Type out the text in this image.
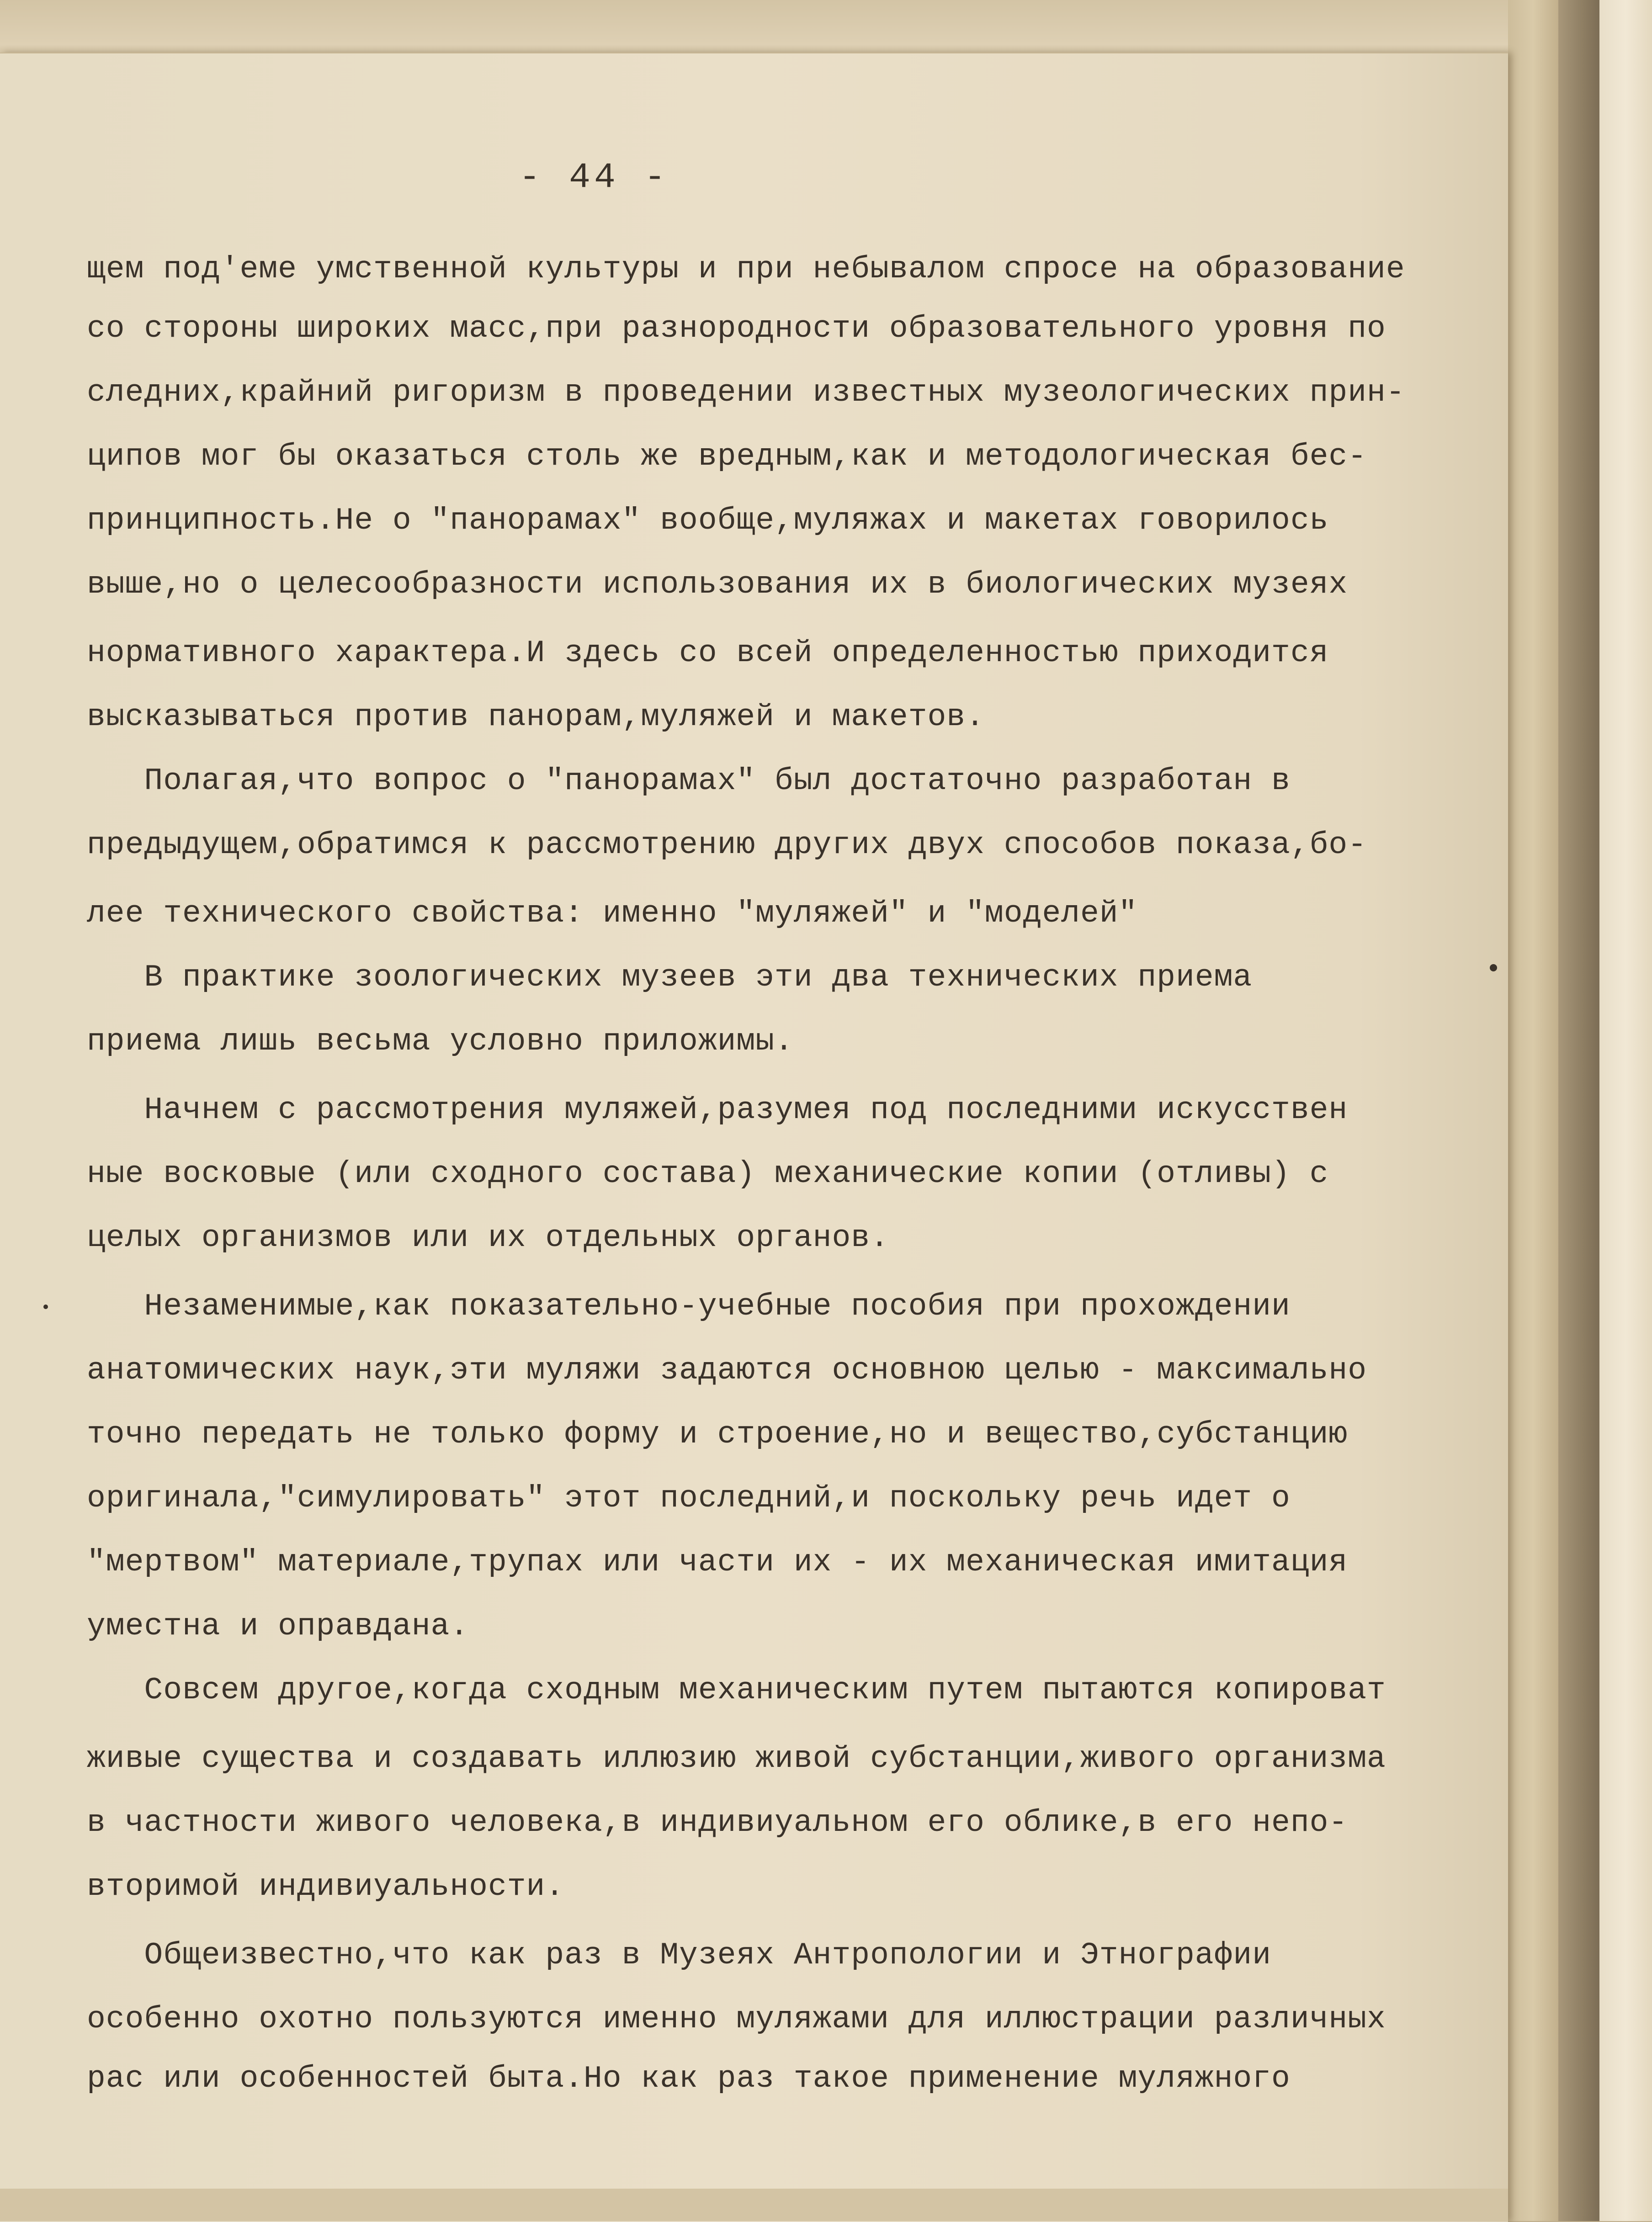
- 44 -
щем под'еме умственной культуры и при небывалом спросе на образование
со стороны широких масс,при разнородности образовательного уровня по
следних,крайний ригоризм в проведении известных музеологических прин-
ципов мог бы оказаться столь же вредным,как и методологическая бес-
принципность.Не о "панорамах" вообще,муляжах и макетах говорилось
выше,но о целесообразности использования их в биологических музеях
нормативного характера.И здесь со всей определенностью приходится
высказываться против панорам,муляжей и макетов.
Полагая,что вопрос о "панорамах" был достаточно разработан в
предыдущем,обратимся к рассмотрению других двух способов показа,бо-
лее технического свойства: именно "муляжей" и "моделей"
В практике зоологических музеев эти два технических приема
приема лишь весьма условно приложимы.
Начнем с рассмотрения муляжей,разумея под последними искусствен
ные восковые (или сходного состава) механические копии (отливы) с
целых организмов или их отдельных органов.
Незаменимые,как показательно-учебные пособия при прохождении
анатомических наук,эти муляжи задаются основною целью - максимально
точно передать не только форму и строение,но и вещество,субстанцию
оригинала,"симулировать" этот последний,и поскольку речь идет о
"мертвом" материале,трупах или части их - их механическая имитация
уместна и оправдана.
Совсем другое,когда сходным механическим путем пытаются копироват
живые существа и создавать иллюзию живой субстанции,живого организма
в частности живого человека,в индивиуальном его облике,в его непо-
вторимой индивиуальности.
Общеизвестно,что как раз в Музеях Антропологии и Этнографии
особенно охотно пользуются именно муляжами для иллюстрации различных
рас или особенностей быта.Но как раз такое применение муляжного
